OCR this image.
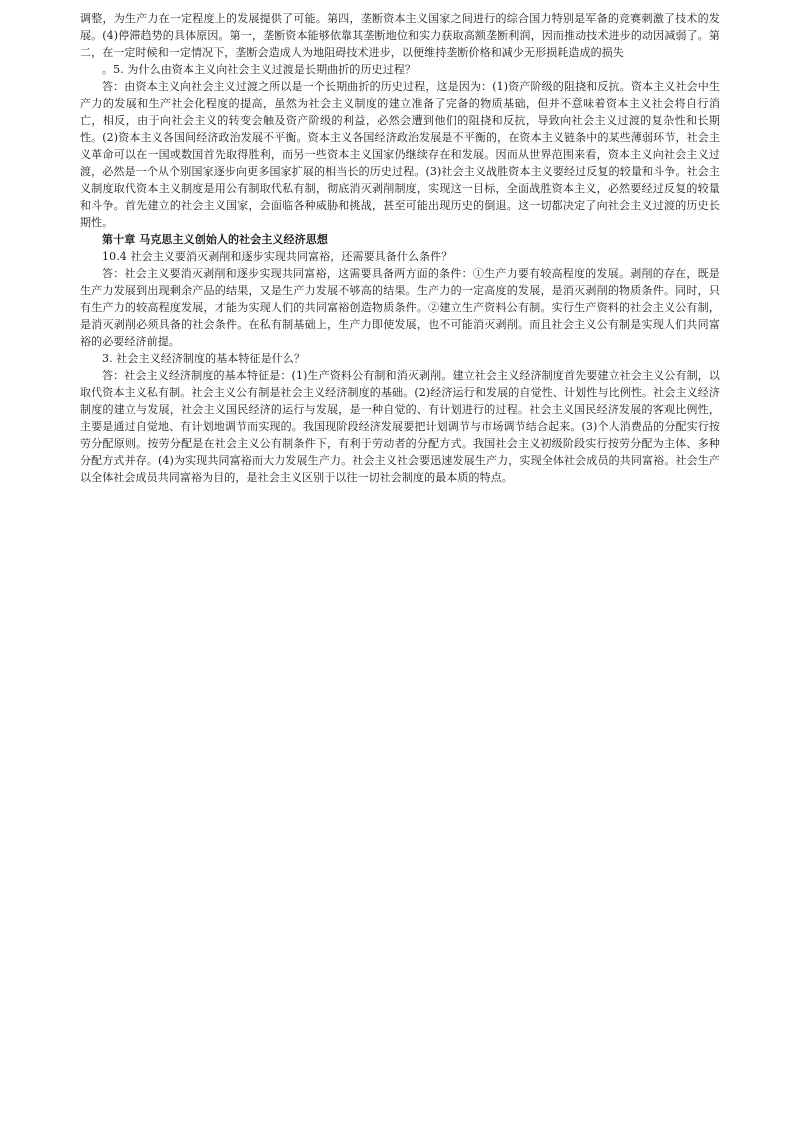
调整，为生产力在一定程度上的发展提供了可能。第四，垄断资本主义国家之间进行的综合国力特别是军备的竞赛刺激了技术的发展。(4)停滞趋势的具体原因。第一，垄断资本能够依靠其垄断地位和实力获取高额垄断利润，因而推动技术进步的动因减弱了。第二，在一定时候和一定情况下，垄断会造成人为地阻碍技术进步，以便维持垄断价格和减少无形损耗造成的损失

。5. 为什么由资本主义向社会主义过渡是长期曲折的历史过程？

答：由资本主义向社会主义过渡之所以是一个长期曲折的历史过程，这是因为：(1)资产阶级的阻挠和反抗。资本主义社会中生产力的发展和生产社会化程度的提高，虽然为社会主义制度的建立准备了完备的物质基础，但并不意味着资本主义社会将自行消亡，相反，由于向社会主义的转变会触及资产阶级的利益，必然会遭到他们的阻挠和反抗，导致向社会主义过渡的复杂性和长期性。(2)资本主义各国间经济政治发展不平衡。资本主义各国经济政治发展是不平衡的，在资本主义链条中的某些薄弱环节，社会主义革命可以在一国或数国首先取得胜利，而另一些资本主义国家仍继续存在和发展。因而从世界范围来看，资本主义向社会主义过渡，必然是一个从个别国家逐步向更多国家扩展的相当长的历史过程。(3)社会主义战胜资本主义要经过反复的较量和斗争。社会主义制度取代资本主义制度是用公有制取代私有制，彻底消灭剥削制度，实现这一目标，全面战胜资本主义，必然要经过反复的较量和斗争。首先建立的社会主义国家，会面临各种威胁和挑战，甚至可能出现历史的倒退。这一切都决定了向社会主义过渡的历史长期性。

第十章 马克思主义创始人的社会主义经济思想

10.4 社会主义要消灭剥削和逐步实现共同富裕，还需要具备什么条件？

答：社会主义要消灭剥削和逐步实现共同富裕，这需要具备两方面的条件：①生产力要有较高程度的发展。剥削的存在，既是生产力发展到出现剩余产品的结果，又是生产力发展不够高的结果。生产力的一定高度的发展，是消灭剥削的物质条件。同时，只有生产力的较高程度发展，才能为实现人们的共同富裕创造物质条件。②建立生产资料公有制。实行生产资料的社会主义公有制，是消灭剥削必须具备的社会条件。在私有制基础上，生产力即使发展，也不可能消灭剥削。而且社会主义公有制是实现人们共同富裕的必要经济前提。

3. 社会主义经济制度的基本特征是什么？

答：社会主义经济制度的基本特征是：(1)生产资料公有制和消灭剥削。建立社会主义经济制度首先要建立社会主义公有制，以取代资本主义私有制。社会主义公有制是社会主义经济制度的基础。(2)经济运行和发展的自觉性、计划性与比例性。社会主义经济制度的建立与发展，社会主义国民经济的运行与发展，是一种自觉的、有计划进行的过程。社会主义国民经济发展的客观比例性，主要是通过自觉地、有计划地调节而实现的。我国现阶段经济发展要把计划调节与市场调节结合起来。(3)个人消费品的分配实行按劳分配原则。按劳分配是在社会主义公有制条件下，有利于劳动者的分配方式。我国社会主义初级阶段实行按劳分配为主体、多种分配方式并存。(4)为实现共同富裕而大力发展生产力。社会主义社会要迅速发展生产力，实现全体社会成员的共同富裕。社会生产以全体社会成员共同富裕为目的，是社会主义区别于以往一切社会制度的最本质的特点。
